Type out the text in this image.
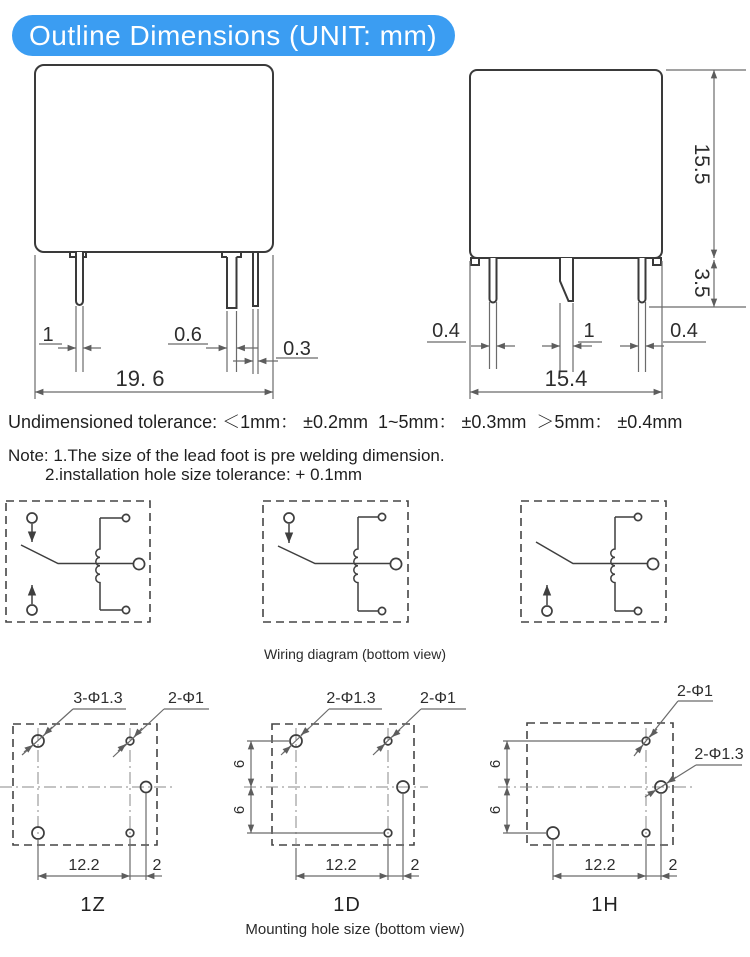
Outline Dimensions (UNIT: mm)
1	0.6
0.3
19. 6
0.4	1	0.4
15.4
15.5
3.5
12.2	2
3-Φ1.3	2-Φ1
1Z
6
6
12.2	2
2-Φ1.3	2-Φ1
1D
6
6
12.2	2
2-Φ1
2-Φ1.3
1H
Undimensioned tolerance: ＜1mm： ±0.2mm  1~5mm： ±0.3mm  ＞5mm： ±0.4mm
Note: 1.The size of the lead foot is pre welding dimension.
2.installation hole size tolerance: + 0.1mm
Wiring diagram (bottom view)
Mounting hole size (bottom view)
